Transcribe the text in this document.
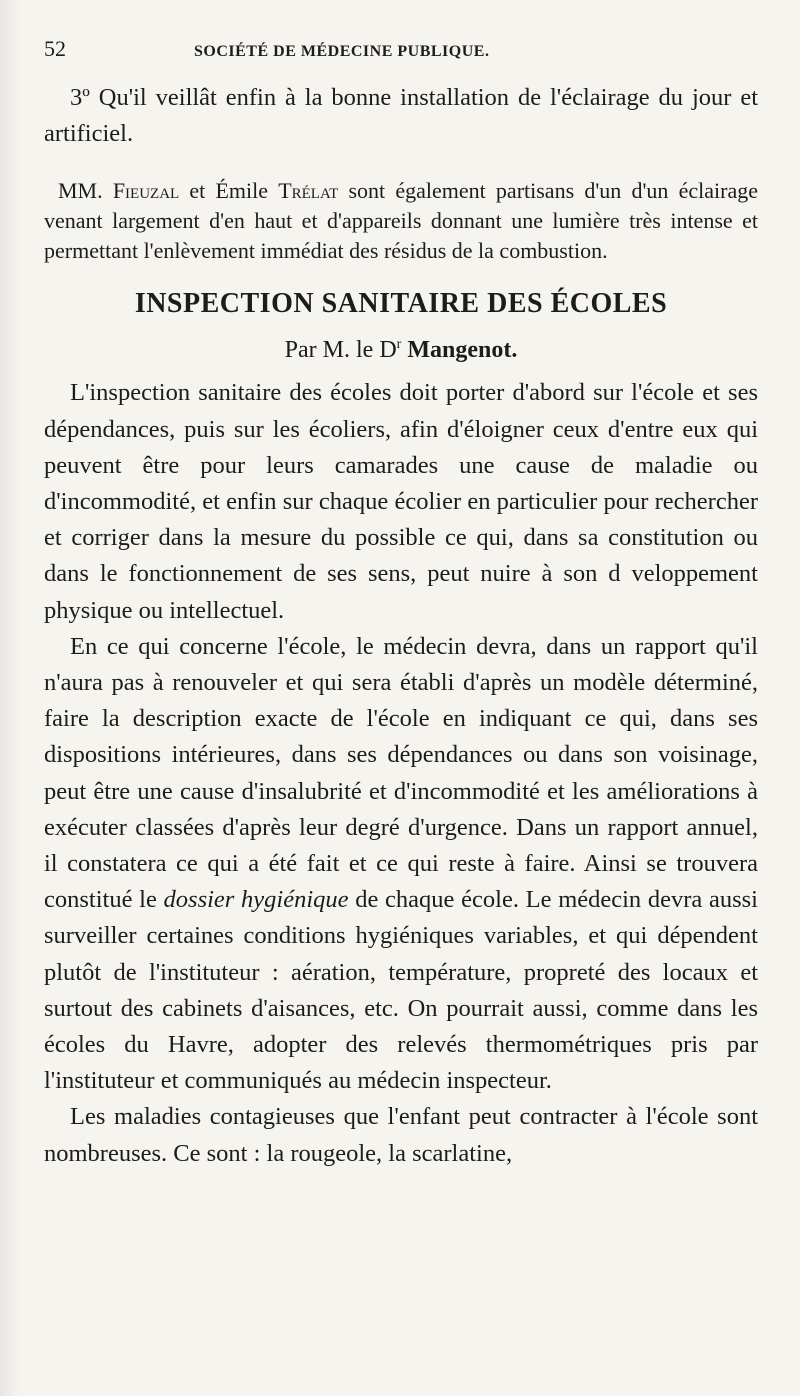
52	SOCIÉTÉ DE MÉDECINE PUBLIQUE.

3º Qu'il veillât enfin à la bonne installation de l'éclairage du jour et artificiel.

MM. Fieuzal et Émile Trélat sont également partisans d'un d'un éclairage venant largement d'en haut et d'appareils donnant une lumière très intense et permettant l'enlèvement immédiat des résidus de la combustion.

INSPECTION SANITAIRE DES ÉCOLES
Par M. le $D^r$ Mangenot.

L'inspection sanitaire des écoles doit porter d'abord sur l'école et ses dépendances, puis sur les écoliers, afin d'éloigner ceux d'entre eux qui peuvent être pour leurs camarades une cause de maladie ou d'incommodité, et enfin sur chaque écolier en particulier pour rechercher et corriger dans la mesure du possible ce qui, dans sa constitution ou dans le fonctionnement de ses sens, peut nuire à son d veloppement physique ou intellectuel.

En ce qui concerne l'école, le médecin devra, dans un rapport qu'il n'aura pas à renouveler et qui sera établi d'après un modèle déterminé, faire la description exacte de l'école en indiquant ce qui, dans ses dispositions intérieures, dans ses dépendances ou dans son voisinage, peut être une cause d'insalubrité et d'incommodité et les améliorations à exécuter classées d'après leur degré d'urgence. Dans un rapport annuel, il constatera ce qui a été fait et ce qui reste à faire. Ainsi se trouvera constitué le dossier hygiénique de chaque école. Le médecin devra aussi surveiller certaines conditions hygiéniques variables, et qui dépendent plutôt de l'instituteur : aération, température, propreté des locaux et surtout des cabinets d'aisances, etc. On pourrait aussi, comme dans les écoles du Havre, adopter des relevés thermométriques pris par l'instituteur et communiqués au médecin inspecteur.

Les maladies contagieuses que l'enfant peut contracter à l'école sont nombreuses. Ce sont : la rougeole, la scarlatine,
